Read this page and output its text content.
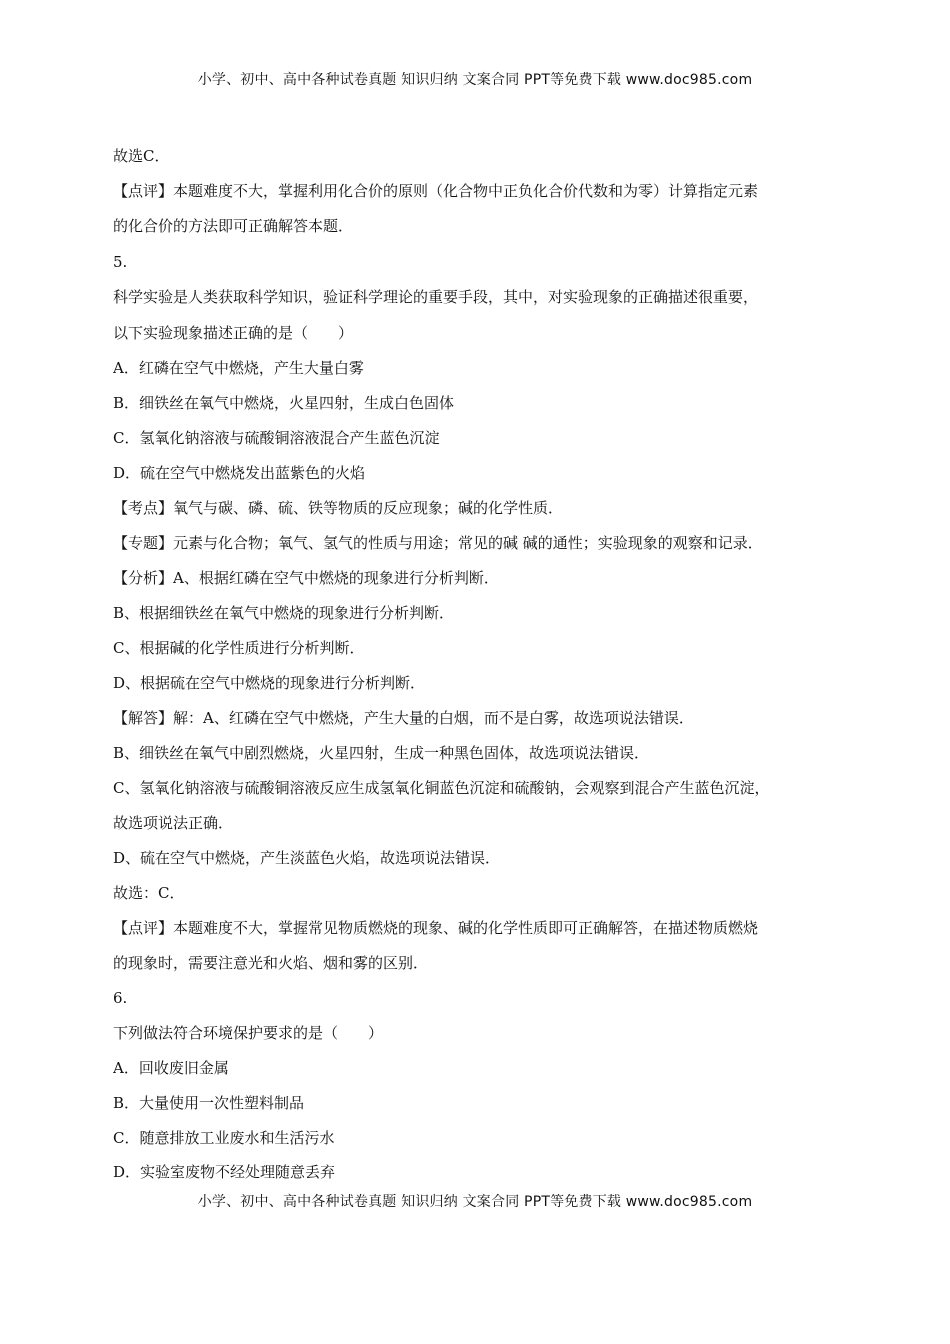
小学、初中、高中各种试卷真题 知识归纳 文案合同 PPT等免费下载 www.doc985.com
故选C．
【点评】本题难度不大，掌握利用化合价的原则（化合物中正负化合价代数和为零）计算指定元素
的化合价的方法即可正确解答本题．
5.
科学实验是人类获取科学知识，验证科学理论的重要手段，其中，对实验现象的正确描述很重要，
以下实验现象描述正确的是（　　）
A．红磷在空气中燃烧，产生大量白雾
B．细铁丝在氧气中燃烧，火星四射，生成白色固体
C．氢氧化钠溶液与硫酸铜溶液混合产生蓝色沉淀
D．硫在空气中燃烧发出蓝紫色的火焰
【考点】氧气与碳、磷、硫、铁等物质的反应现象；碱的化学性质．
【专题】元素与化合物；氧气、氢气的性质与用途；常见的碱 碱的通性；实验现象的观察和记录．
【分析】A、根据红磷在空气中燃烧的现象进行分析判断．
B、根据细铁丝在氧气中燃烧的现象进行分析判断．
C、根据碱的化学性质进行分析判断．
D、根据硫在空气中燃烧的现象进行分析判断．
【解答】解：A、红磷在空气中燃烧，产生大量的白烟，而不是白雾，故选项说法错误．
B、细铁丝在氧气中剧烈燃烧，火星四射，生成一种黑色固体，故选项说法错误．
C、氢氧化钠溶液与硫酸铜溶液反应生成氢氧化铜蓝色沉淀和硫酸钠，会观察到混合产生蓝色沉淀，
故选项说法正确．
D、硫在空气中燃烧，产生淡蓝色火焰，故选项说法错误．
故选：C．
【点评】本题难度不大，掌握常见物质燃烧的现象、碱的化学性质即可正确解答，在描述物质燃烧
的现象时，需要注意光和火焰、烟和雾的区别．
6.
下列做法符合环境保护要求的是（　　）
A．回收废旧金属
B．大量使用一次性塑料制品
C．随意排放工业废水和生活污水
D．实验室废物不经处理随意丢弃
小学、初中、高中各种试卷真题 知识归纳 文案合同 PPT等免费下载 www.doc985.com
